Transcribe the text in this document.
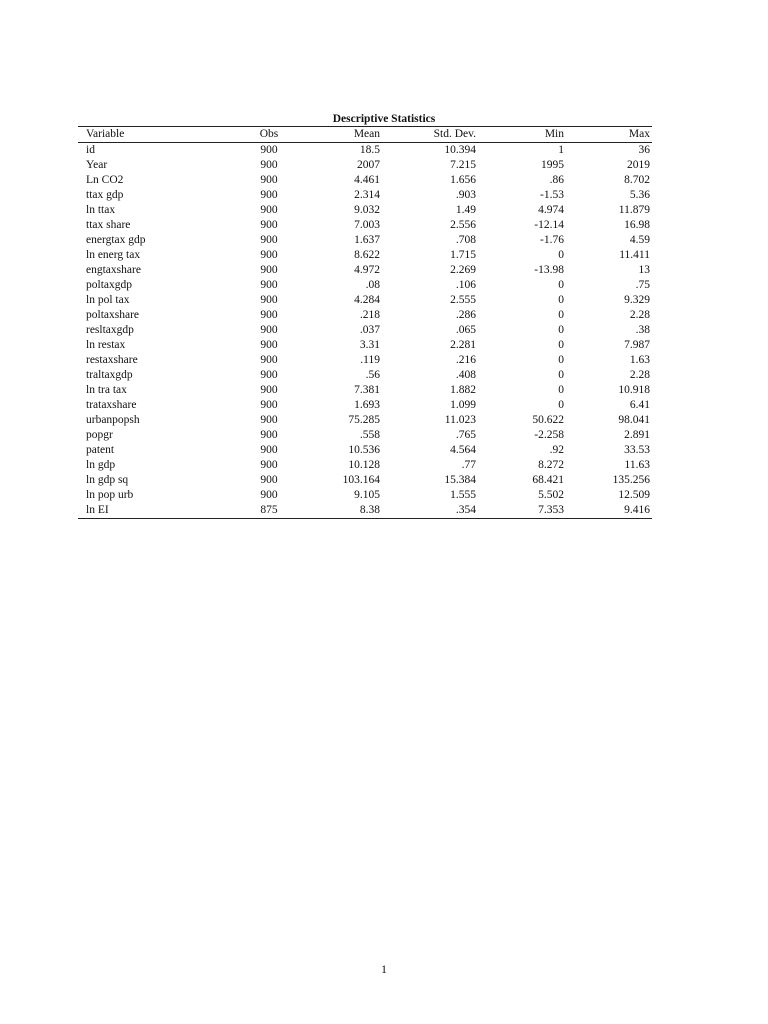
Descriptive Statistics
Variable	Obs	Mean	Std. Dev.	Min	Max
id	900	18.5	10.394	1	36
Year	900	2007	7.215	1995	2019
Ln CO2	900	4.461	1.656	.86	8.702
ttax gdp	900	2.314	.903	-1.53	5.36
ln ttax	900	9.032	1.49	4.974	11.879
ttax share	900	7.003	2.556	-12.14	16.98
energtax gdp	900	1.637	.708	-1.76	4.59
ln energ tax	900	8.622	1.715	0	11.411
engtaxshare	900	4.972	2.269	-13.98	13
poltaxgdp	900	.08	.106	0	.75
ln pol tax	900	4.284	2.555	0	9.329
poltaxshare	900	.218	.286	0	2.28
resltaxgdp	900	.037	.065	0	.38
ln restax	900	3.31	2.281	0	7.987
restaxshare	900	.119	.216	0	1.63
traltaxgdp	900	.56	.408	0	2.28
ln tra tax	900	7.381	1.882	0	10.918
trataxshare	900	1.693	1.099	0	6.41
urbanpopsh	900	75.285	11.023	50.622	98.041
popgr	900	.558	.765	-2.258	2.891
patent	900	10.536	4.564	.92	33.53
ln gdp	900	10.128	.77	8.272	11.63
ln gdp sq	900	103.164	15.384	68.421	135.256
ln pop urb	900	9.105	1.555	5.502	12.509
ln EI	875	8.38	.354	7.353	9.416
1
